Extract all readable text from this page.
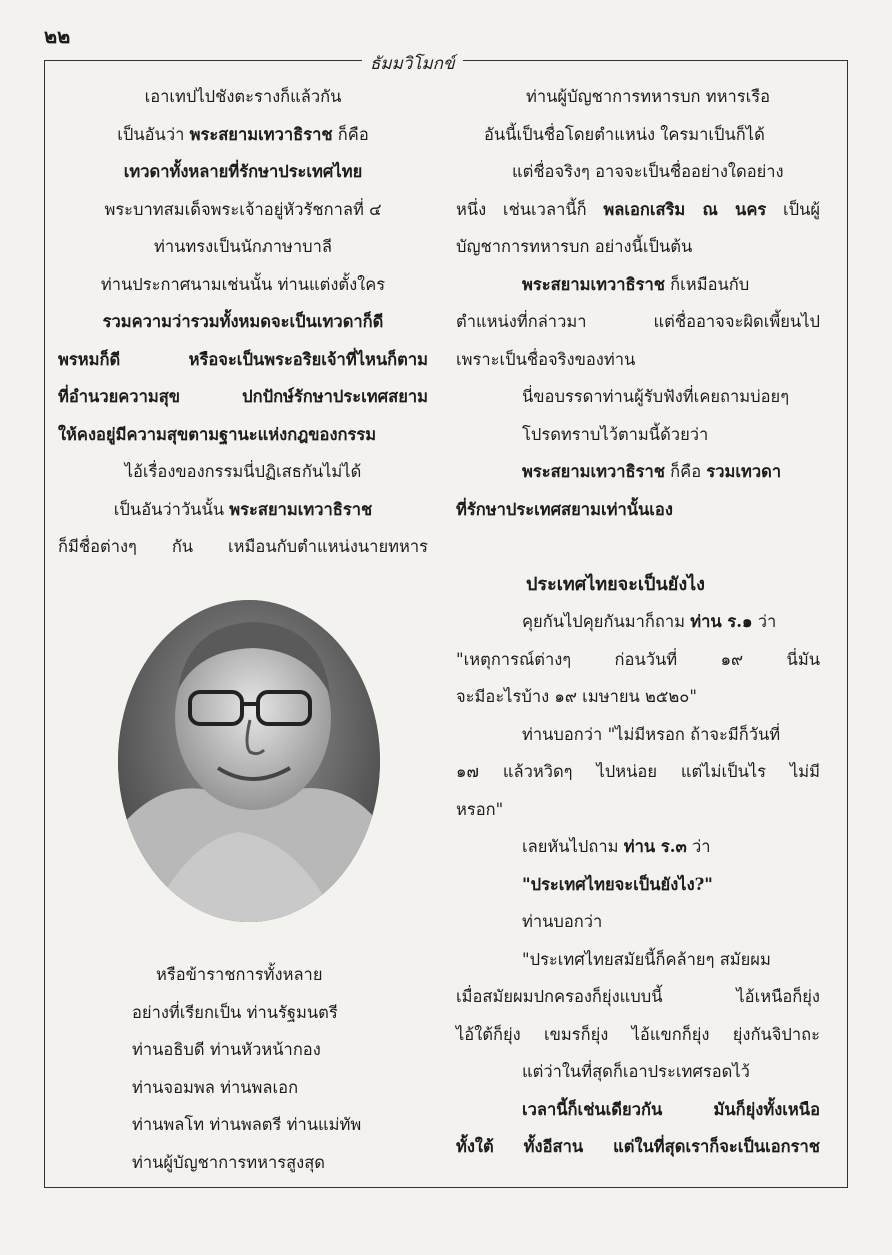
๒๒
ธัมมวิโมกข์
เอาเทปไปชังตะรางก็แล้วกัน
เป็นอันว่า พระสยามเทวาธิราช ก็คือ
เทวดาทั้งหลายที่รักษาประเทศไทย
พระบาทสมเด็จพระเจ้าอยู่หัวรัชกาลที่ ๔
ท่านทรงเป็นนักภาษาบาลี
ท่านประกาศนามเช่นนั้น ท่านแต่งตั้งใคร
รวมความว่ารวมทั้งหมดจะเป็นเทวดาก็ดี
พรหมก็ดี หรือจะเป็นพระอริยเจ้าที่ไหนก็ตาม
ที่อำนวยความสุข ปกปักษ์รักษาประเทศสยาม
ให้คงอยู่มีความสุขตามฐานะแห่งกฎของกรรม
ไอ้เรื่องของกรรมนี่ปฏิเสธกันไม่ได้
เป็นอันว่าวันนั้น พระสยามเทวาธิราช
ก็มีชื่อต่างๆ กัน เหมือนกับตำแหน่งนายทหาร
หรือข้าราชการทั้งหลาย
อย่างที่เรียกเป็น ท่านรัฐมนตรี
ท่านอธิบดี ท่านหัวหน้ากอง
ท่านจอมพล ท่านพลเอก
ท่านพลโท ท่านพลตรี ท่านแม่ทัพ
ท่านผู้บัญชาการทหารสูงสุด
ท่านผู้บัญชาการทหารบก ทหารเรือ
อันนี้เป็นชื่อโดยตำแหน่ง ใครมาเป็นก็ได้
แต่ชื่อจริงๆ อาจจะเป็นชื่ออย่างใดอย่าง
หนึ่ง เช่นเวลานี้ก็ พลเอกเสริม ณ นคร เป็นผู้
บัญชาการทหารบก อย่างนี้เป็นต้น
พระสยามเทวาธิราช ก็เหมือนกับ
ตำแหน่งที่กล่าวมา แต่ชื่ออาจจะผิดเพี้ยนไป
เพราะเป็นชื่อจริงของท่าน
นี่ขอบรรดาท่านผู้รับฟังที่เคยถามบ่อยๆ
โปรดทราบไว้ตามนี้ด้วยว่า
พระสยามเทวาธิราช ก็คือ รวมเทวดา
ที่รักษาประเทศสยามเท่านั้นเอง
ประเทศไทยจะเป็นยังไง
คุยกันไปคุยกันมาก็ถาม ท่าน ร.๑ ว่า
"เหตุการณ์ต่างๆ ก่อนวันที่ ๑๙ นี่มัน
จะมีอะไรบ้าง ๑๙ เมษายน ๒๕๒๐"
ท่านบอกว่า "ไม่มีหรอก ถ้าจะมีก็วันที่
๑๗ แล้วหวิดๆ ไปหน่อย แต่ไม่เป็นไร ไม่มี
หรอก"
เลยหันไปถาม ท่าน ร.๓ ว่า
"ประเทศไทยจะเป็นยังไง?"
ท่านบอกว่า
"ประเทศไทยสมัยนี้ก็คล้ายๆ สมัยผม
เมื่อสมัยผมปกครองก็ยุ่งแบบนี้ ไอ้เหนือก็ยุ่ง
ไอ้ใต้ก็ยุ่ง เขมรก็ยุ่ง ไอ้แขกก็ยุ่ง ยุ่งกันจิปาถะ
แต่ว่าในที่สุดก็เอาประเทศรอดไว้
เวลานี้ก็เช่นเดียวกัน มันก็ยุ่งทั้งเหนือ
ทั้งใต้ ทั้งอีสาน แต่ในที่สุดเราก็จะเป็นเอกราช
